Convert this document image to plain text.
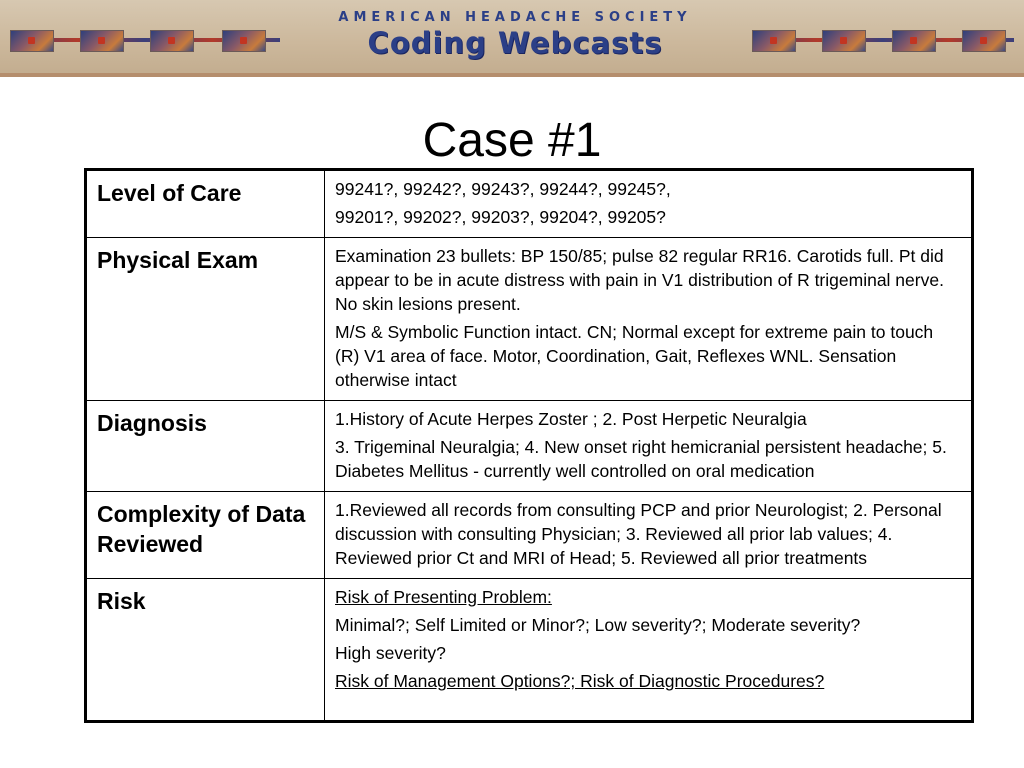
AMERICAN HEADACHE SOCIETY
Coding Webcasts
Case #1
Level of Care	99241?, 99242?, 99243?, 99244?, 99245?,

99201?, 99202?, 99203?, 99204?, 99205?

Physical Exam	Examination 23 bullets: BP 150/85; pulse 82 regular RR16. Carotids full. Pt did appear to be in acute distress with pain in V1 distribution of R trigeminal nerve. No skin lesions present.

M/S & Symbolic Function intact. CN; Normal except for extreme pain to touch (R) V1 area of face. Motor, Coordination, Gait, Reflexes WNL. Sensation otherwise intact

Diagnosis	1.History of Acute Herpes Zoster ; 2. Post Herpetic Neuralgia

3. Trigeminal Neuralgia; 4. New onset right hemicranial persistent headache; 5. Diabetes Mellitus - currently well controlled on oral medication

Complexity of Data Reviewed	1.Reviewed all records from consulting PCP and prior Neurologist; 2. Personal discussion with consulting Physician; 3. Reviewed all prior lab values; 4. Reviewed prior Ct and MRI of Head; 5. Reviewed all prior treatments

Risk	Risk of Presenting Problem:

Minimal?; Self Limited or Minor?; Low severity?; Moderate severity?

High severity?

Risk of Management Options?; Risk of Diagnostic Procedures?
